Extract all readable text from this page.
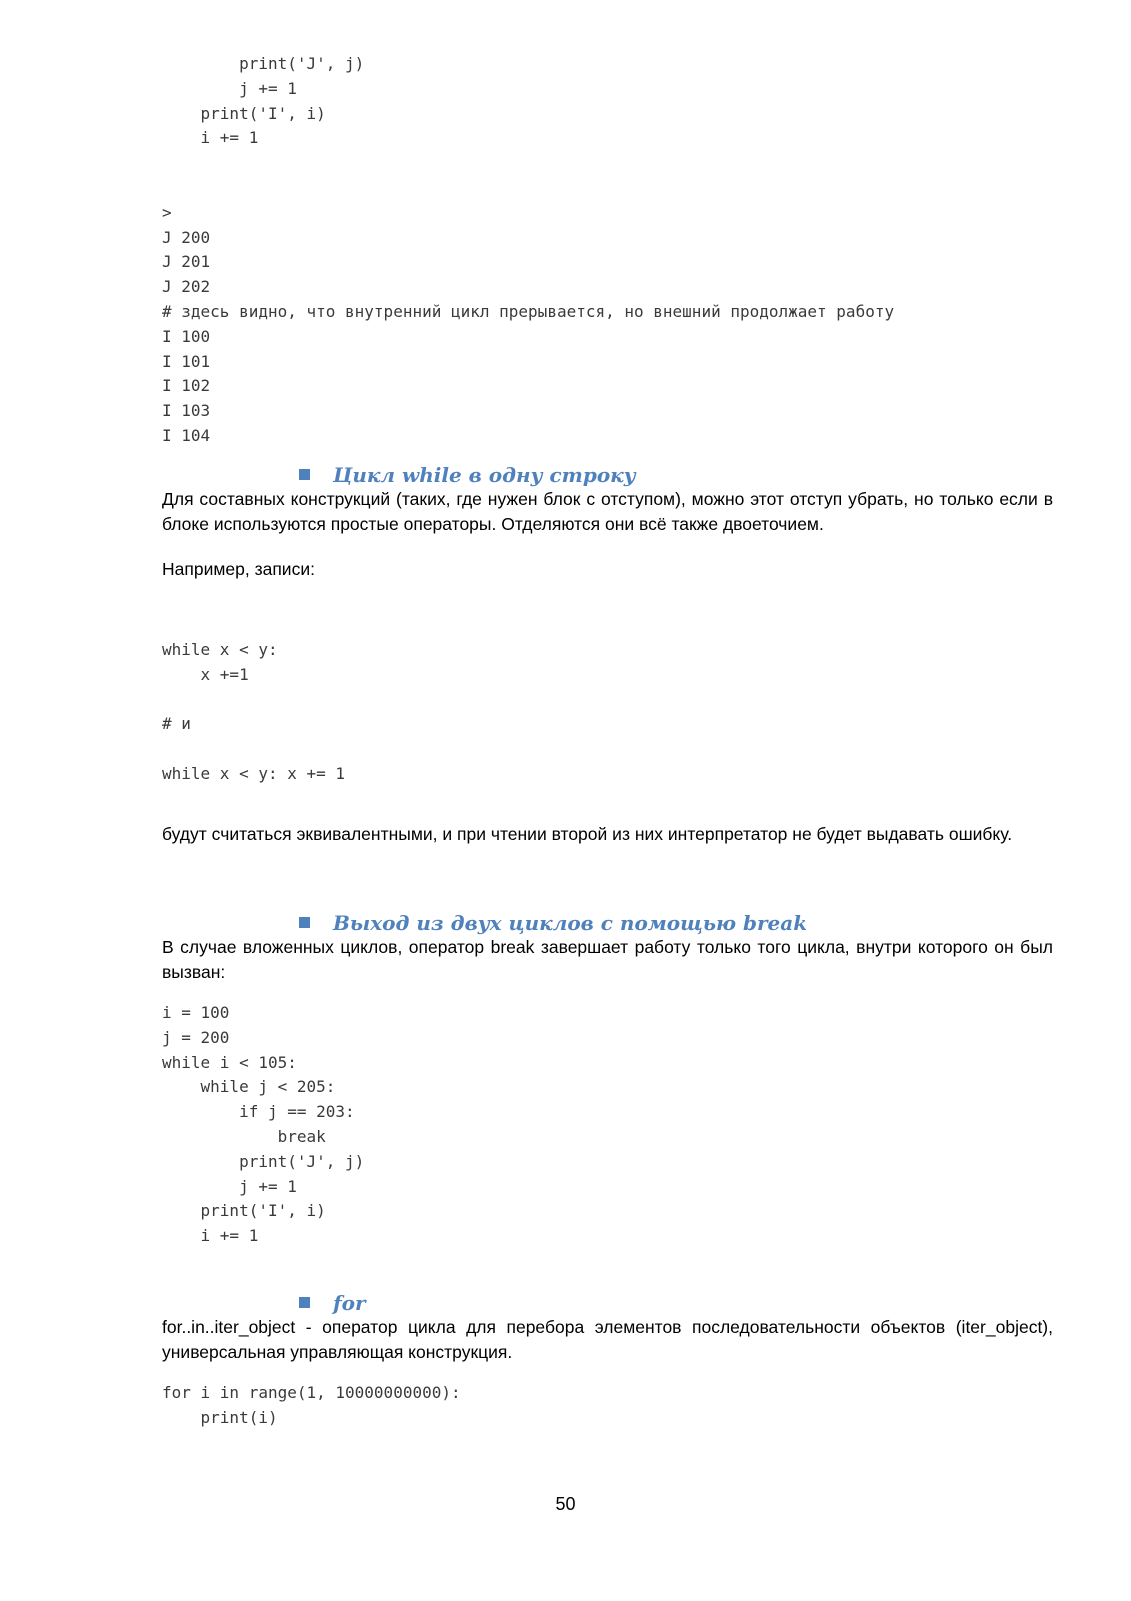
print('J', j)
j += 1
print('I', i)
i += 1

>
J 200
J 201
J 202
# здесь видно, что внутренний цикл прерывается, но внешний продолжает работу
I 100
I 101
I 102
I 103
I 104
Цикл while в одну строку

Для составных конструкций (таких, где нужен блок с отступом), можно этот отступ убрать, но только если в блоке используются простые операторы. Отделяются они всё также двоеточием.

Например, записи:

while x < y:
x +=1

# и

while x < y: x += 1

будут считаться эквивалентными, и при чтении второй из них интерпретатор не будет выдавать ошибку.

Выход из двух циклов с помощью break

В случае вложенных циклов, оператор break завершает работу только того цикла, внутри которого он был вызван:

i = 100
j = 200
while i < 105:
while j < 205:
if j == 203:
break
print('J', j)
j += 1
print('I', i)
i += 1
for

for..in..iter_object - оператор цикла для перебора элементов последовательности объектов (iter_object), универсальная управляющая конструкция.

for i in range(1, 10000000000):
print(i)
50
